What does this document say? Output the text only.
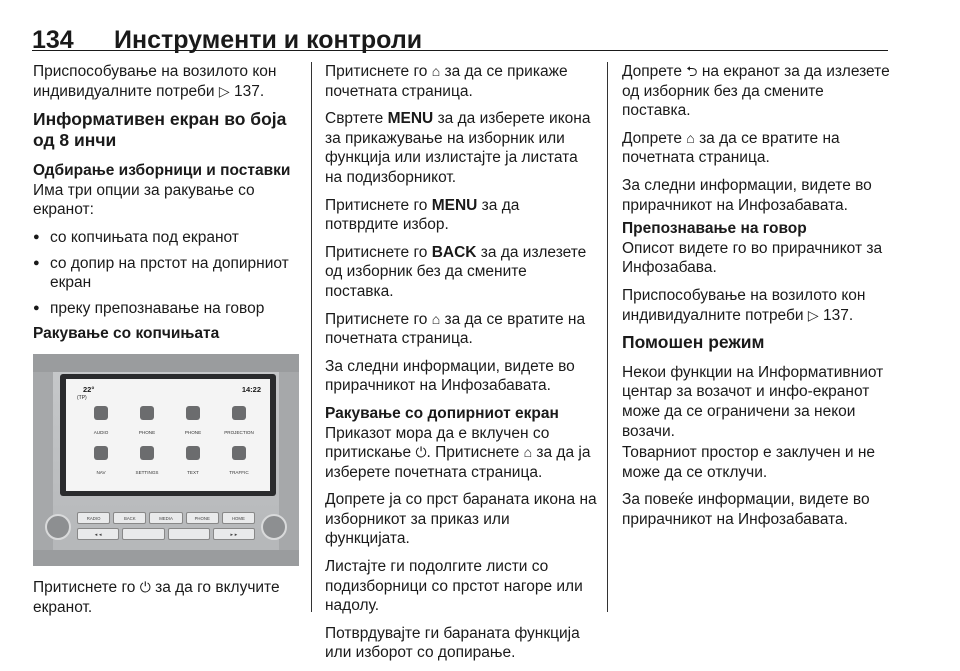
134 Инструменти и контроли

Приспособување на возилото кон индивидуалните потреби ▷ 137.

Информативен екран во боја од 8 инчи
Одбирање изборници и поставки

Има три опции за ракување со екранот:

● со копчињата под екранот
● со допир на прстот на допирниот екран
● преку препознавање на говор
Ракување со копчињата
22°
(TP)
14:22
AUDIO	PHONE	PHONE	PROJECTION
NAV	SETTINGS	TEXT	TRAFFIC
RADIO	BACK	MEDIA	PHONE	HOME
◄◄	►►

Притиснете го ⏻ за да го вклучите екранот.

Притиснете го ⌂ за да се прикаже почетната страница.

Свртете MENU за да изберете икона за прикажување на изборник или функција или излистајте ја листата на подизборникот.

Притиснете го MENU за да потврдите избор.

Притиснете го BACK за да излезете од изборник без да смените поставка.

Притиснете го ⌂ за да се вратите на почетната страница.

За следни информации, видете во прирачникот на Инфозабавата.

Ракување со допирниот екран

Приказот мора да е вклучен со притискање ⏻. Притиснете ⌂ за да ја изберете почетната страница.

Допрете ја со прст бараната икона на изборникот за приказ или функцијата.

Листајте ги подолгите листи со подизборници со прстот нагоре или надолу.

Потврдувајте ги бараната функција или изборот со допирање.

Допрете ⮌ на екранот за да излезете од изборник без да смените поставка.

Допрете ⌂ за да се вратите на почетната страница.

За следни информации, видете во прирачникот на Инфозабавата.

Препознавање на говор

Описот видете го во прирачникот за Инфозабава.

Приспособување на возилото кон индивидуалните потреби ▷ 137.

Помошен режим

Некои функции на Информативниот центар за возачот и инфо-екранот може да се ограничени за некои возачи.

Товарниот простор е заклучен и не може да се отклучи.

За повеќе информации, видете во прирачникот на Инфозабавата.
